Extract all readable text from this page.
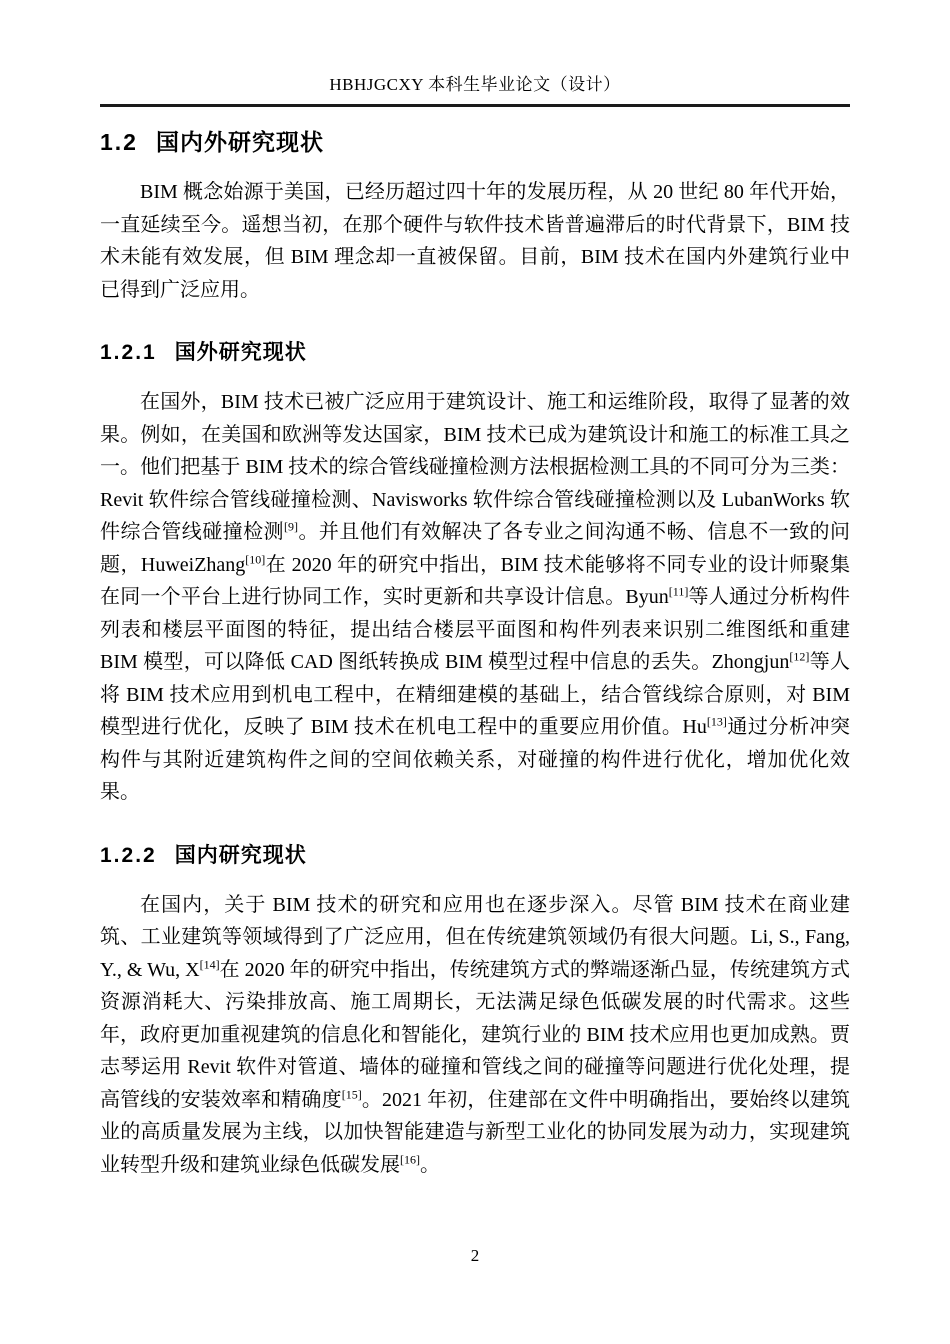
HBHJGCXY 本科生毕业论文（设计）
1.2 国内外研究现状

BIM 概念始源于美国，已经历超过四十年的发展历程，从 20 世纪 80 年代开始，一直延续至今。遥想当初，在那个硬件与软件技术皆普遍滞后的时代背景下，BIM 技术未能有效发展，但 BIM 理念却一直被保留。目前，BIM 技术在国内外建筑行业中已得到广泛应用。

1.2.1 国外研究现状

在国外，BIM 技术已被广泛应用于建筑设计、施工和运维阶段，取得了显著的效果。例如，在美国和欧洲等发达国家，BIM 技术已成为建筑设计和施工的标准工具之一。他们把基于 BIM 技术的综合管线碰撞检测方法根据检测工具的不同可分为三类：Revit 软件综合管线碰撞检测、Navisworks 软件综合管线碰撞检测以及 LubanWorks 软件综合管线碰撞检测[9]。并且他们有效解决了各专业之间沟通不畅、信息不一致的问题，HuweiZhang[10]在 2020 年的研究中指出，BIM 技术能够将不同专业的设计师聚集在同一个平台上进行协同工作，实时更新和共享设计信息。Byun[11]等人通过分析构件列表和楼层平面图的特征，提出结合楼层平面图和构件列表来识别二维图纸和重建 BIM 模型，可以降低 CAD 图纸转换成 BIM 模型过程中信息的丢失。Zhongjun[12]等人将 BIM 技术应用到机电工程中，在精细建模的基础上，结合管线综合原则，对 BIM 模型进行优化，反映了 BIM 技术在机电工程中的重要应用价值。Hu[13]通过分析冲突构件与其附近建筑构件之间的空间依赖关系，对碰撞的构件进行优化，增加优化效果。

1.2.2 国内研究现状

在国内，关于 BIM 技术的研究和应用也在逐步深入。尽管 BIM 技术在商业建筑、工业建筑等领域得到了广泛应用，但在传统建筑领域仍有很大问题。Li, S., Fang, Y., & Wu, X[14]在 2020 年的研究中指出，传统建筑方式的弊端逐渐凸显，传统建筑方式资源消耗大、污染排放高、施工周期长，无法满足绿色低碳发展的时代需求。这些年，政府更加重视建筑的信息化和智能化，建筑行业的 BIM 技术应用也更加成熟。贾志琴运用 Revit 软件对管道、墙体的碰撞和管线之间的碰撞等问题进行优化处理，提高管线的安装效率和精确度[15]。2021 年初，住建部在文件中明确指出，要始终以建筑业的高质量发展为主线，以加快智能建造与新型工业化的协同发展为动力，实现建筑业转型升级和建筑业绿色低碳发展[16]。

2
